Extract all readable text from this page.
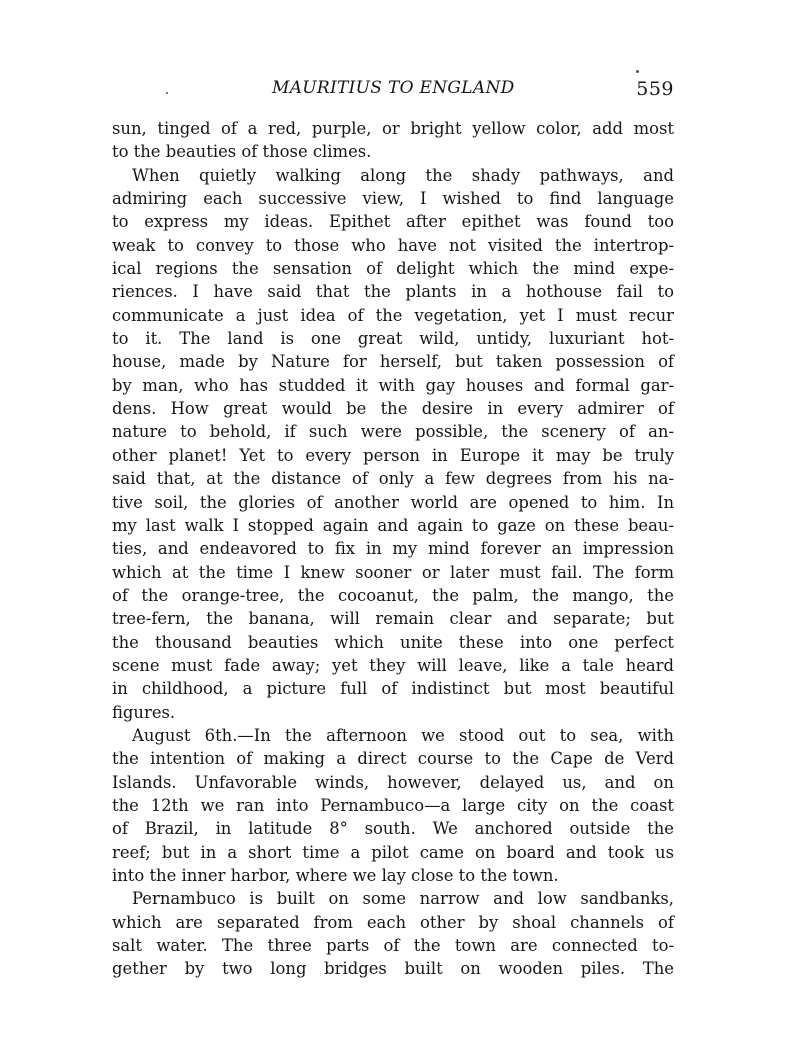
MAURITIUS TO ENGLAND	559
sun, tinged of a red, purple, or bright yellow color, add most
to the beauties of those climes.
When quietly walking along the shady pathways, and
admiring each successive view, I wished to find language
to express my ideas. Epithet after epithet was found too
weak to convey to those who have not visited the intertrop-
ical regions the sensation of delight which the mind expe-
riences. I have said that the plants in a hothouse fail to
communicate a just idea of the vegetation, yet I must recur
to it. The land is one great wild, untidy, luxuriant hot-
house, made by Nature for herself, but taken possession of
by man, who has studded it with gay houses and formal gar-
dens. How great would be the desire in every admirer of
nature to behold, if such were possible, the scenery of an-
other planet! Yet to every person in Europe it may be truly
said that, at the distance of only a few degrees from his na-
tive soil, the glories of another world are opened to him. In
my last walk I stopped again and again to gaze on these beau-
ties, and endeavored to fix in my mind forever an impression
which at the time I knew sooner or later must fail. The form
of the orange-tree, the cocoanut, the palm, the mango, the
tree-fern, the banana, will remain clear and separate; but
the thousand beauties which unite these into one perfect
scene must fade away; yet they will leave, like a tale heard
in childhood, a picture full of indistinct but most beautiful
figures.
August 6th.—In the afternoon we stood out to sea, with
the intention of making a direct course to the Cape de Verd
Islands. Unfavorable winds, however, delayed us, and on
the 12th we ran into Pernambuco—a large city on the coast
of Brazil, in latitude 8° south. We anchored outside the
reef; but in a short time a pilot came on board and took us
into the inner harbor, where we lay close to the town.
Pernambuco is built on some narrow and low sandbanks,
which are separated from each other by shoal channels of
salt water. The three parts of the town are connected to-
gether by two long bridges built on wooden piles. The
